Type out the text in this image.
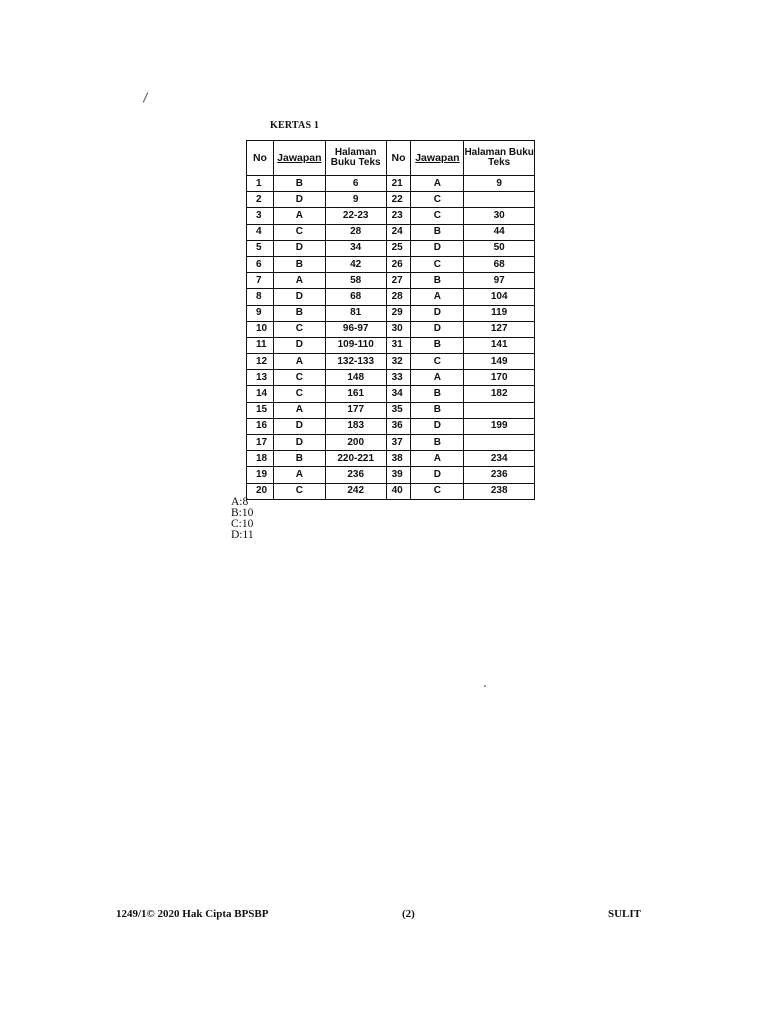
KERTAS 1
No	Jawapan	Halaman Buku Teks	No	Jawapan	Halaman Buku Teks
1	B	6	21	A	9
2	D	9	22	C	
3	A	22-23	23	C	30
4	C	28	24	B	44
5	D	34	25	D	50
6	B	42	26	C	68
7	A	58	27	B	97
8	D	68	28	A	104
9	B	81	29	D	119
10	C	96-97	30	D	127
11	D	109-110	31	B	141
12	A	132-133	32	C	149
13	C	148	33	A	170
14	C	161	34	B	182
15	A	177	35	B	
16	D	183	36	D	199
17	D	200	37	B	
18	B	220-221	38	A	234
19	A	236	39	D	236
20	C	242	40	C	238
A:8
B:10
C:10
D:11
1249/1© 2020 Hak Cipta BPSBP	(2)	SULIT
